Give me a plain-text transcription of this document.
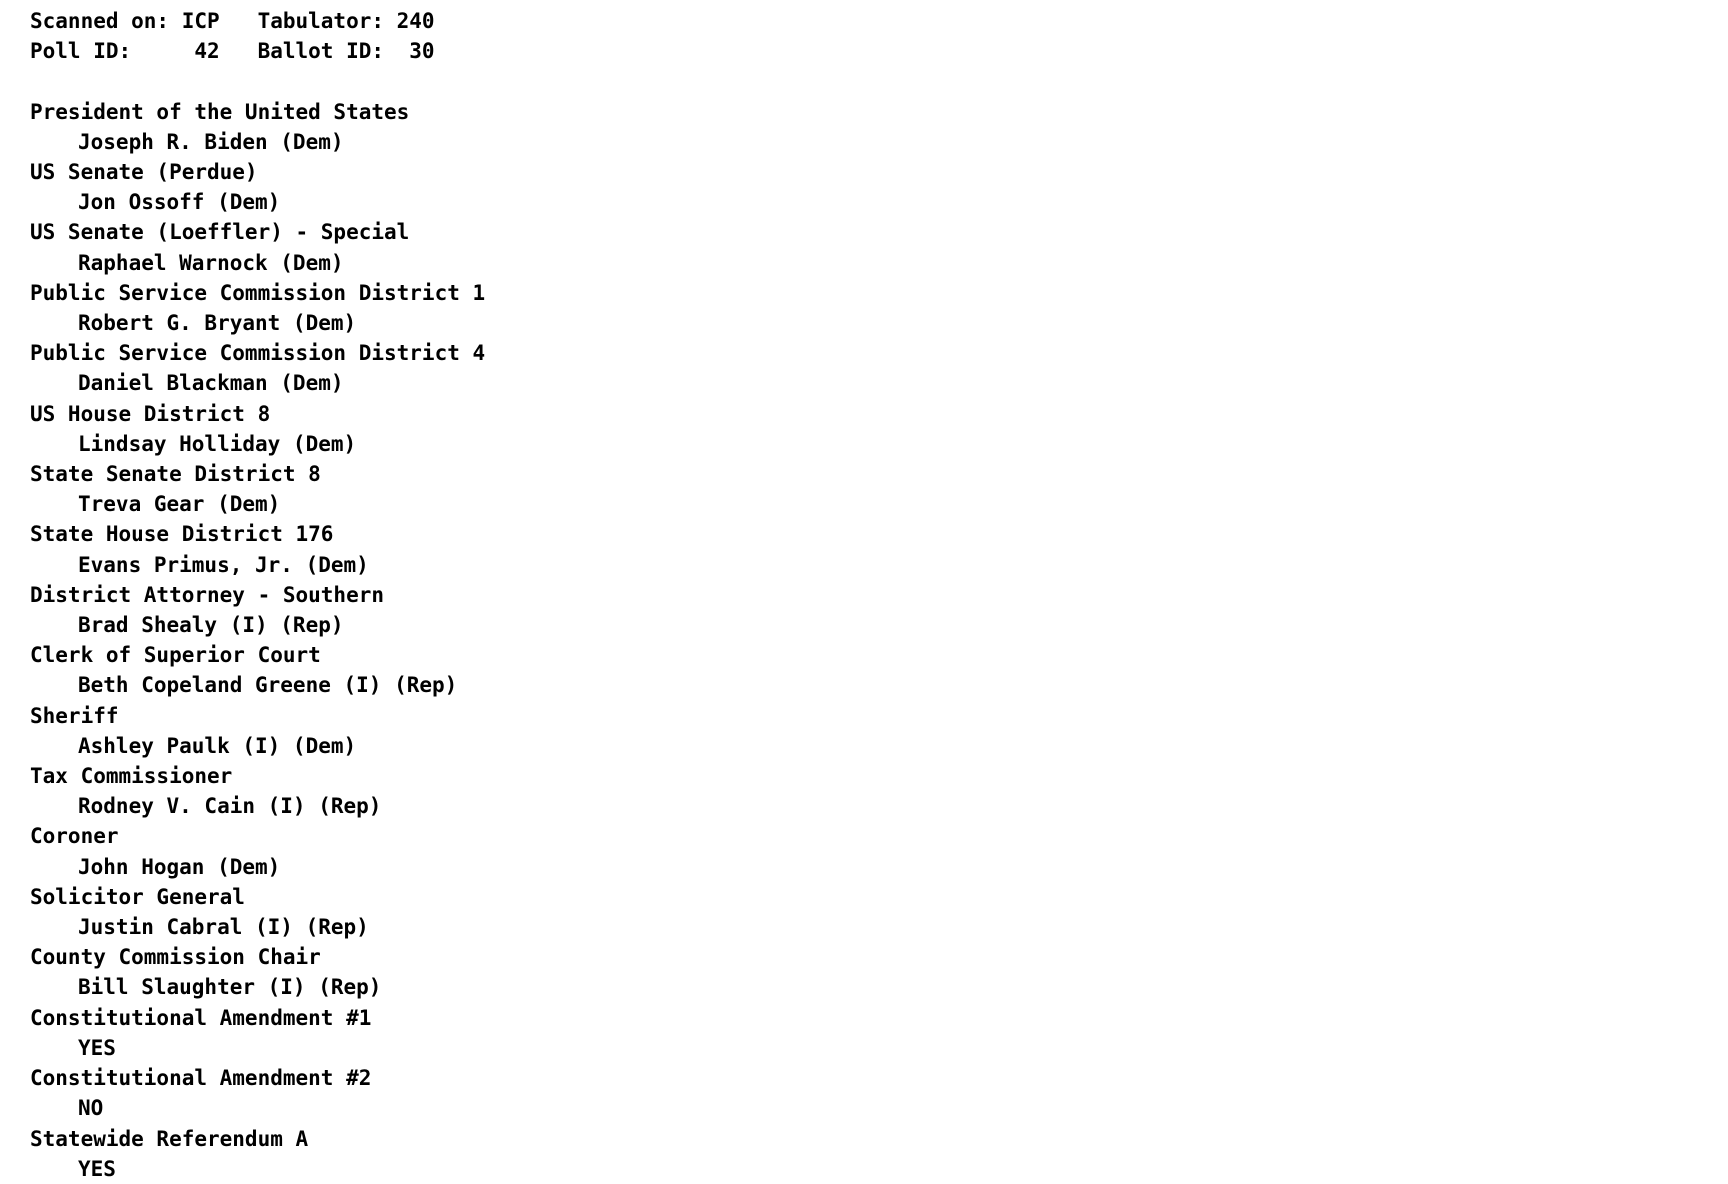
Scanned on: ICP   Tabulator: 240
Poll ID:     42   Ballot ID:  30
President of the United States
Joseph R. Biden (Dem)
US Senate (Perdue)
Jon Ossoff (Dem)
US Senate (Loeffler) - Special
Raphael Warnock (Dem)
Public Service Commission District 1
Robert G. Bryant (Dem)
Public Service Commission District 4
Daniel Blackman (Dem)
US House District 8
Lindsay Holliday (Dem)
State Senate District 8
Treva Gear (Dem)
State House District 176
Evans Primus, Jr. (Dem)
District Attorney - Southern
Brad Shealy (I) (Rep)
Clerk of Superior Court
Beth Copeland Greene (I) (Rep)
Sheriff
Ashley Paulk (I) (Dem)
Tax Commissioner
Rodney V. Cain (I) (Rep)
Coroner
John Hogan (Dem)
Solicitor General
Justin Cabral (I) (Rep)
County Commission Chair
Bill Slaughter (I) (Rep)
Constitutional Amendment #1
YES
Constitutional Amendment #2
NO
Statewide Referendum A
YES
